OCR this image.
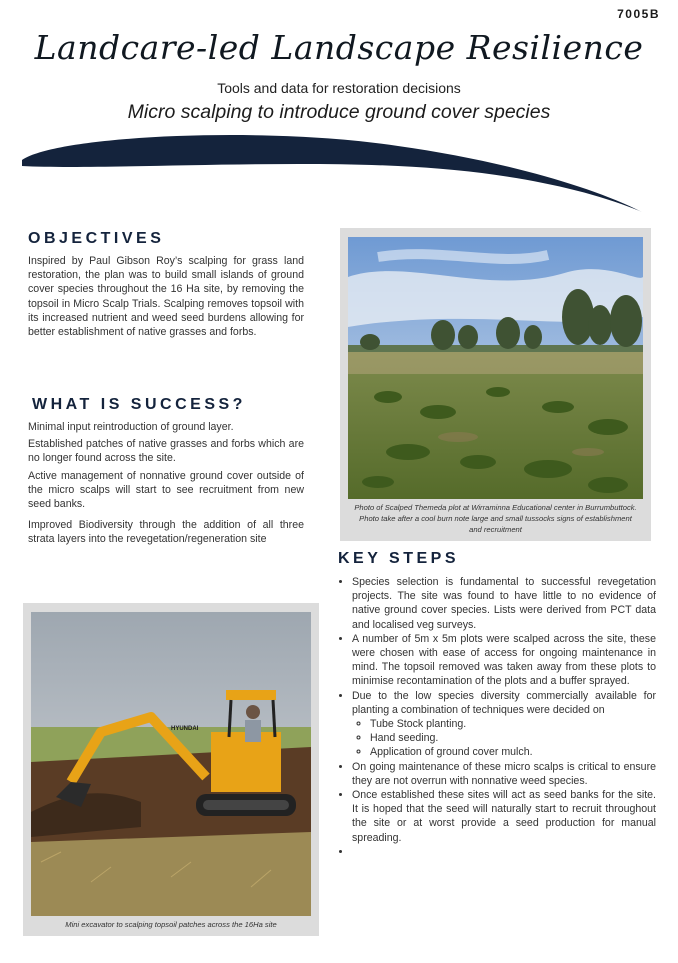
7005B
Landcare-led Landscape Resilience
Tools and data for restoration decisions
Micro scalping to introduce ground cover species
OBJECTIVES

Inspired by Paul Gibson Roy’s scalping for grass land restoration, the plan was to build small islands of ground cover species throughout the 16 Ha site, by removing the topsoil in Micro Scalp Trials. Scalping removes topsoil with its increased nutrient and weed seed burdens allowing for better establishment of native grasses and forbs.

WHAT IS SUCCESS?

Minimal input reintroduction of ground layer.

Established patches of native grasses and forbs which are no longer found across the site.

Active management of nonnative ground cover outside of the micro scalps will start to see recruitment from new seed banks.

Improved Biodiversity through the addition of all three strata layers into the revegetation/regeneration site

Photo of Scalped Themeda plot at Wirraminna Educational center in Burrumbuttock. Photo take after a cool burn note large and small tussocks signs of establishment and recruitment
HYUNDAI
Mini excavator to scalping topsoil patches across the 16Ha site
KEY STEPS
• Species selection is fundamental to successful revegetation projects. The site was found to have little to no evidence of native ground cover species. Lists were derived from PCT data and localised veg surveys.
• A number of 5m x 5m plots were scalped across the site, these were chosen with ease of access for ongoing maintenance in mind. The topsoil removed was taken away from these plots to minimise recontamination of the plots and a buffer sprayed.
• Due to the low species diversity commercially available for planting a combination of techniques were decided on
◦ Tube Stock planting.
◦ Hand seeding.
◦ Application of ground cover mulch.
• On going maintenance of these micro scalps is critical to ensure they are not overrun with nonnative weed species.
• Once established these sites will act as seed banks for the site. It is hoped that the seed will naturally start to recruit throughout the site or at worst provide a seed production for manual spreading.
•
